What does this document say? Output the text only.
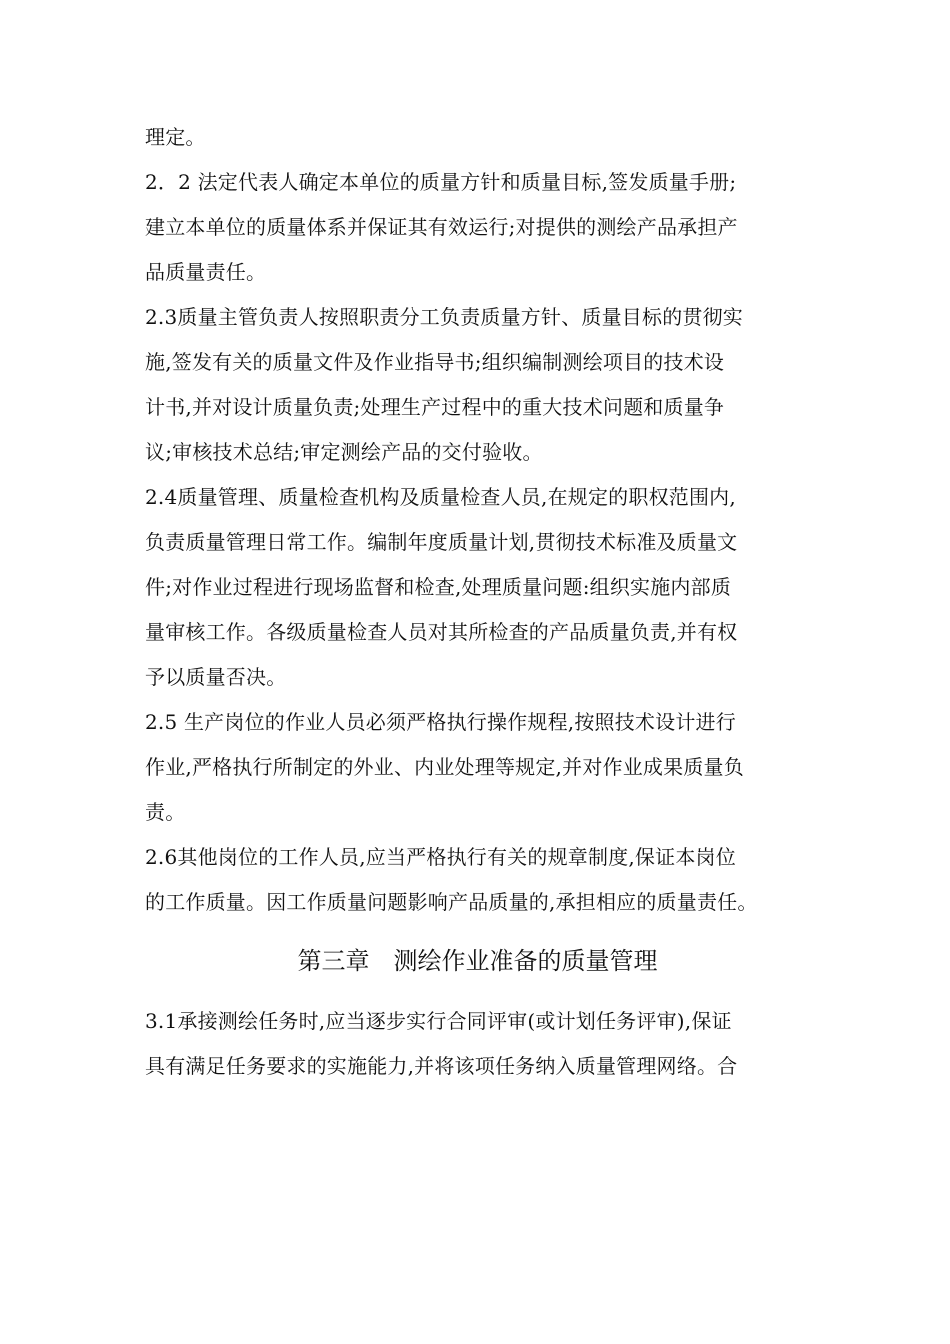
理定。
2．2 法定代表人确定本单位的质量方针和质量目标,签发质量手册;
建立本单位的质量体系并保证其有效运行;对提供的测绘产品承担产
品质量责任。
2.3质量主管负责人按照职责分工负责质量方针、质量目标的贯彻实
施,签发有关的质量文件及作业指导书;组织编制测绘项目的技术设
计书,并对设计质量负责;处理生产过程中的重大技术问题和质量争
议;审核技术总结;审定测绘产品的交付验收。
2.4质量管理、质量检查机构及质量检查人员,在规定的职权范围内,
负责质量管理日常工作。编制年度质量计划,贯彻技术标准及质量文
件;对作业过程进行现场监督和检查,处理质量问题:组织实施内部质
量审核工作。各级质量检查人员对其所检查的产品质量负责,并有权
予以质量否决。
2.5 生产岗位的作业人员必须严格执行操作规程,按照技术设计进行
作业,严格执行所制定的外业、内业处理等规定,并对作业成果质量负
责。
2.6其他岗位的工作人员,应当严格执行有关的规章制度,保证本岗位
的工作质量。因工作质量问题影响产品质量的,承担相应的质量责任。
第三章　测绘作业准备的质量管理
3.1承接测绘任务时,应当逐步实行合同评审(或计划任务评审),保证
具有满足任务要求的实施能力,并将该项任务纳入质量管理网络。合
